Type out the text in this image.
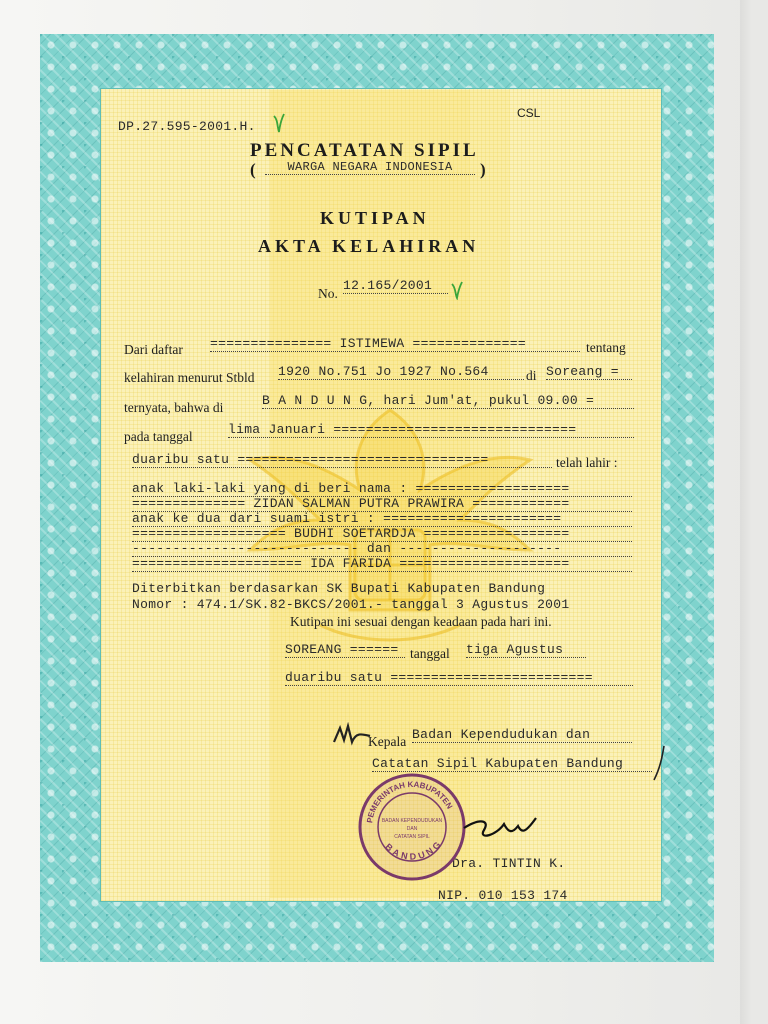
DP.27.595-2001.H.
CSL
PENCATATAN SIPIL
(	WARGA NEGARA INDONESIA	)
KUTIPAN
AKTA KELAHIRAN
No.
12.165/2001
Dari daftar =============== ISTIMEWA ==============	tentang
kelahiran menurut Stbld 1920 No.751 Jo 1927 No.564	di Soreang =
ternyata, bahwa di	B A N D U N G, hari Jum'at, pukul 09.00 =
pada tanggal	lima Januari ==============================
duaribu satu ===============================	telah lahir :
anak laki-laki yang di beri nama : ===================
============== ZIDAN SALMAN PUTRA PRAWIRA ============
anak ke dua dari suami istri : ======================
=================== BUDHI SOETARDJA ==================
---------------------------- dan --------------------
===================== IDA FARIDA =====================
Diterbitkan berdasarkan SK Bupati Kabupaten Bandung
Nomor : 474.1/SK.82-BKCS/2001.- tanggal 3 Agustus 2001
Kutipan ini sesuai dengan keadaan pada hari ini.
SOREANG ====== tanggal tiga Agustus
duaribu satu =========================
Kepala Badan Kependudukan dan
Catatan Sipil Kabupaten Bandung
Dra. TINTIN K.
NIP. 010 153 174
PEMERINTAH KABUPATEN
BANDUNG
BADAN KEPENDUDUKAN
DAN
CATATAN SIPIL
